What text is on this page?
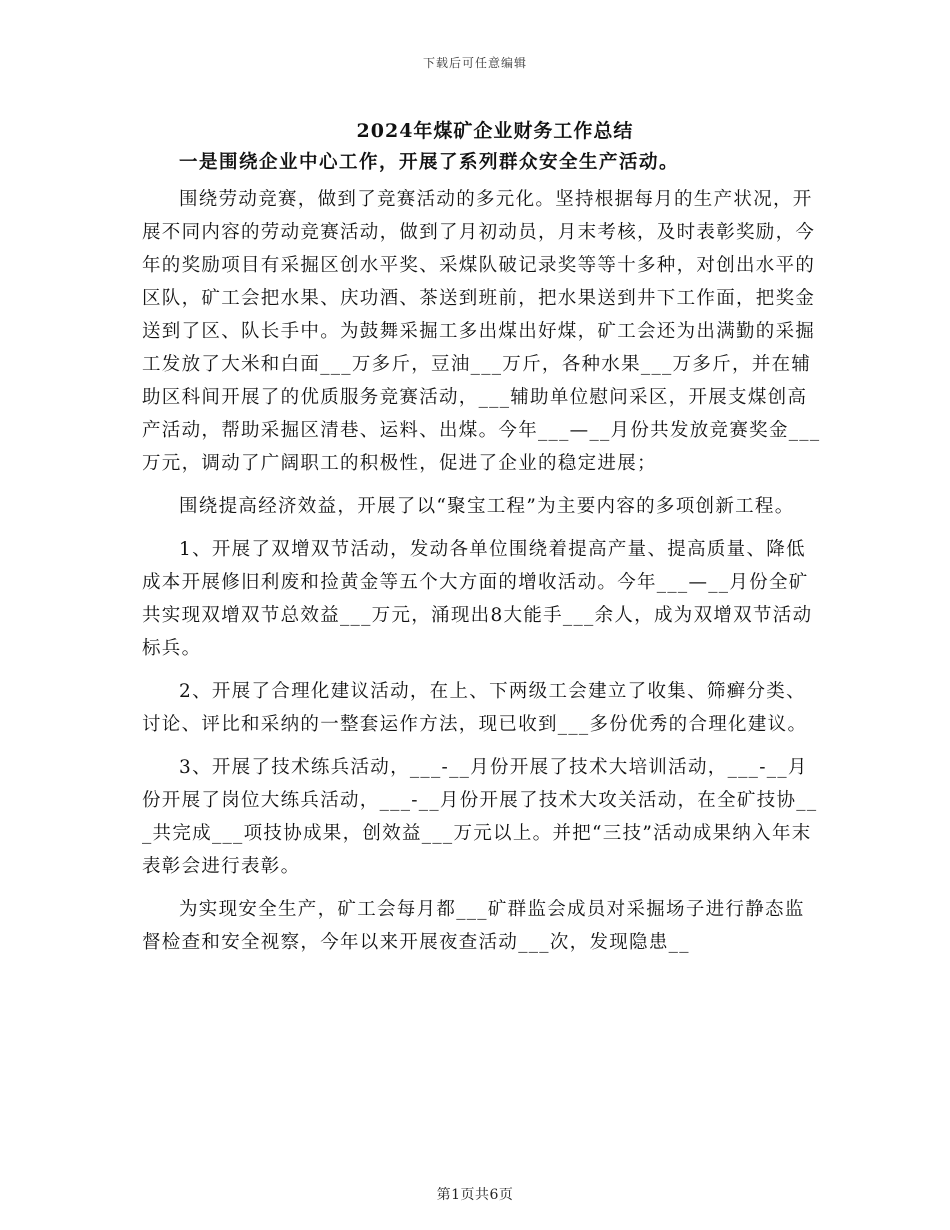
下载后可任意编辑
2024年煤矿企业财务工作总结

一是围绕企业中心工作，开展了系列群众安全生产活动。

围绕劳动竞赛，做到了竞赛活动的多元化。坚持根据每月的生产状况，开展不同内容的劳动竞赛活动，做到了月初动员，月末考核，及时表彰奖励，今年的奖励项目有采掘区创水平奖、采煤队破记录奖等等十多种，对创出水平的区队，矿工会把水果、庆功酒、茶送到班前，把水果送到井下工作面，把奖金送到了区、队长手中。为鼓舞采掘工多出煤出好煤，矿工会还为出满勤的采掘工发放了大米和白面___万多斤，豆油___万斤，各种水果___万多斤，并在辅助区科间开展了的优质服务竞赛活动，___辅助单位慰问采区，开展支煤创高产活动，帮助采掘区清巷、运料、出煤。今年___—__月份共发放竞赛奖金___万元，调动了广阔职工的积极性，促进了企业的稳定进展；

围绕提高经济效益，开展了以“聚宝工程”为主要内容的多项创新工程。

1、开展了双增双节活动，发动各单位围绕着提高产量、提高质量、降低成本开展修旧利废和捡黄金等五个大方面的增收活动。今年___—__月份全矿共实现双增双节总效益___万元，涌现出8大能手___余人，成为双增双节活动标兵。

2、开展了合理化建议活动，在上、下两级工会建立了收集、筛癣分类、讨论、评比和采纳的一整套运作方法，现已收到___多份优秀的合理化建议。

3、开展了技术练兵活动，___-__月份开展了技术大培训活动，___-__月份开展了岗位大练兵活动，___-__月份开展了技术大攻关活动，在全矿技协___共完成___项技协成果，创效益___万元以上。并把“三技”活动成果纳入年末表彰会进行表彰。

为实现安全生产，矿工会每月都___矿群监会成员对采掘场子进行静态监督检查和安全视察，今年以来开展夜查活动___次，发现隐患__

第1页共6页
